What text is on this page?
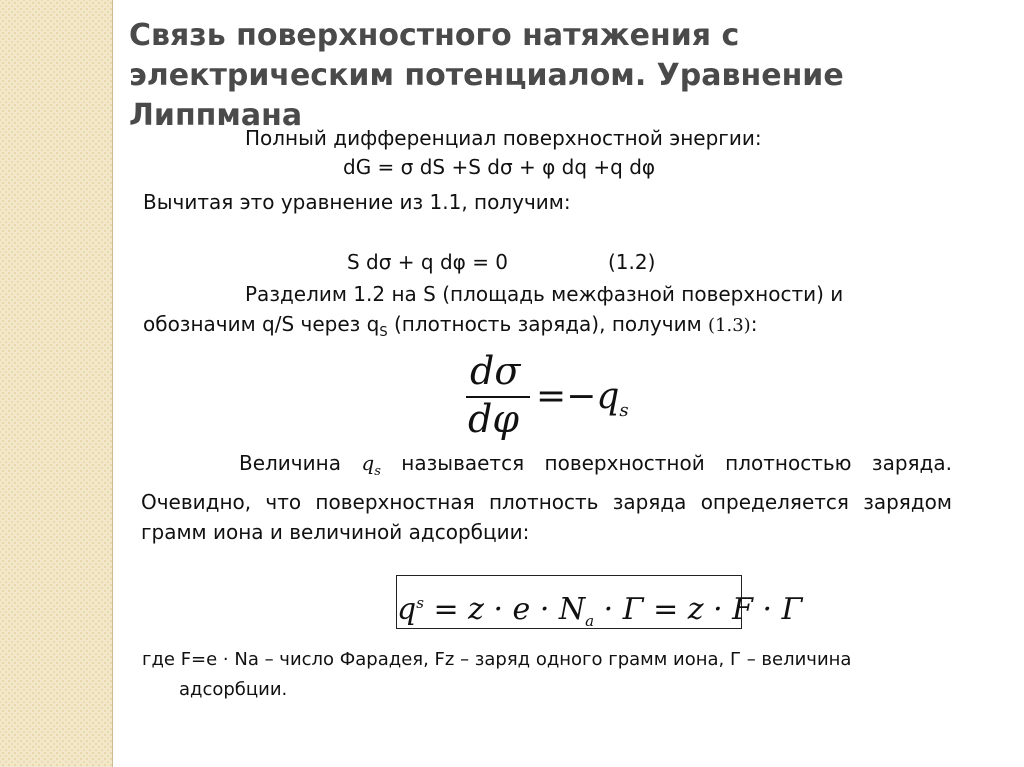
Связь поверхностного натяжения с электрическим потенциалом. Уравнение Липпмана
Полный дифференциал поверхностной энергии:
dG = σ dS +S dσ + φ dq +q dφ
Вычитая это уравнение из 1.1, получим:
S dσ + q dφ = 0	(1.2)
Разделим 1.2 на S (площадь межфазной поверхности) и
обозначим q/S через $q_S$ (плотность заряда), получим (1.3):
dσ
dφ
$=-q_s$
Величина $q_s$ называется поверхностной плотностью заряда. Очевидно, что поверхностная плотность заряда определяется зарядом грамм иона и величиной адсорбции:
$q^s = z \cdot e \cdot N_a \cdot \Gamma = z \cdot F \cdot \Gamma$
где F=e · Na – число Фарадея, Fz – заряд одного грамм иона, Г – величина
адсорбции.
